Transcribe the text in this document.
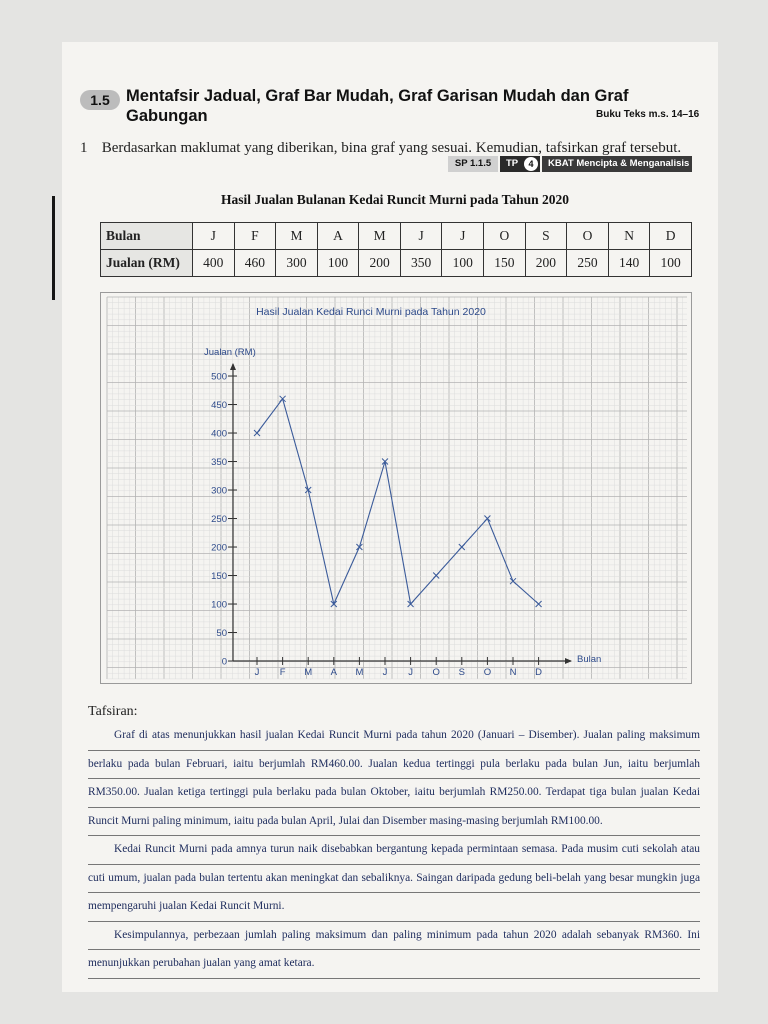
1.5 Mentafsir Jadual, Graf Bar Mudah, Graf Garisan Mudah dan Graf Gabungan	Buku Teks m.s. 14–16
1 Berdasarkan maklumat yang diberikan, bina graf yang sesuai. Kemudian, tafsirkan graf tersebut.
SP 1.1.5	TP	4	KBAT Mencipta & Menganalisis
Hasil Jualan Bulanan Kedai Runcit Murni pada Tahun 2020
Bulan	J	F	M	A	M	J	J	O	S	O	N	D
Jualan (RM)	400	460	300	100	200	350	100	150	200	250	140	100
0
50
100
150
200
250
300
350
400
450
500
J F M A M J J O S O N D
Hasil Jualan Kedai Runci Murni pada Tahun 2020
Jualan (RM)
Bulan
Tafsiran:
Graf di atas menunjukkan hasil jualan Kedai Runcit Murni pada tahun 2020 (Januari – Disember). Jualan paling maksimum
berlaku pada bulan Februari, iaitu berjumlah RM460.00. Jualan kedua tertinggi pula berlaku pada bulan Jun, iaitu berjumlah
RM350.00. Jualan ketiga tertinggi pula berlaku pada bulan Oktober, iaitu berjumlah RM250.00. Terdapat tiga bulan jualan Kedai
Runcit Murni paling minimum, iaitu pada bulan April, Julai dan Disember masing-masing berjumlah RM100.00.
Kedai Runcit Murni pada amnya turun naik disebabkan bergantung kepada permintaan semasa. Pada musim cuti sekolah atau
cuti umum, jualan pada bulan tertentu akan meningkat dan sebaliknya. Saingan daripada gedung beli-belah yang besar mungkin juga
mempengaruhi jualan Kedai Runcit Murni.
Kesimpulannya, perbezaan jumlah paling maksimum dan paling minimum pada tahun 2020 adalah sebanyak RM360. Ini
menunjukkan perubahan jualan yang amat ketara.
